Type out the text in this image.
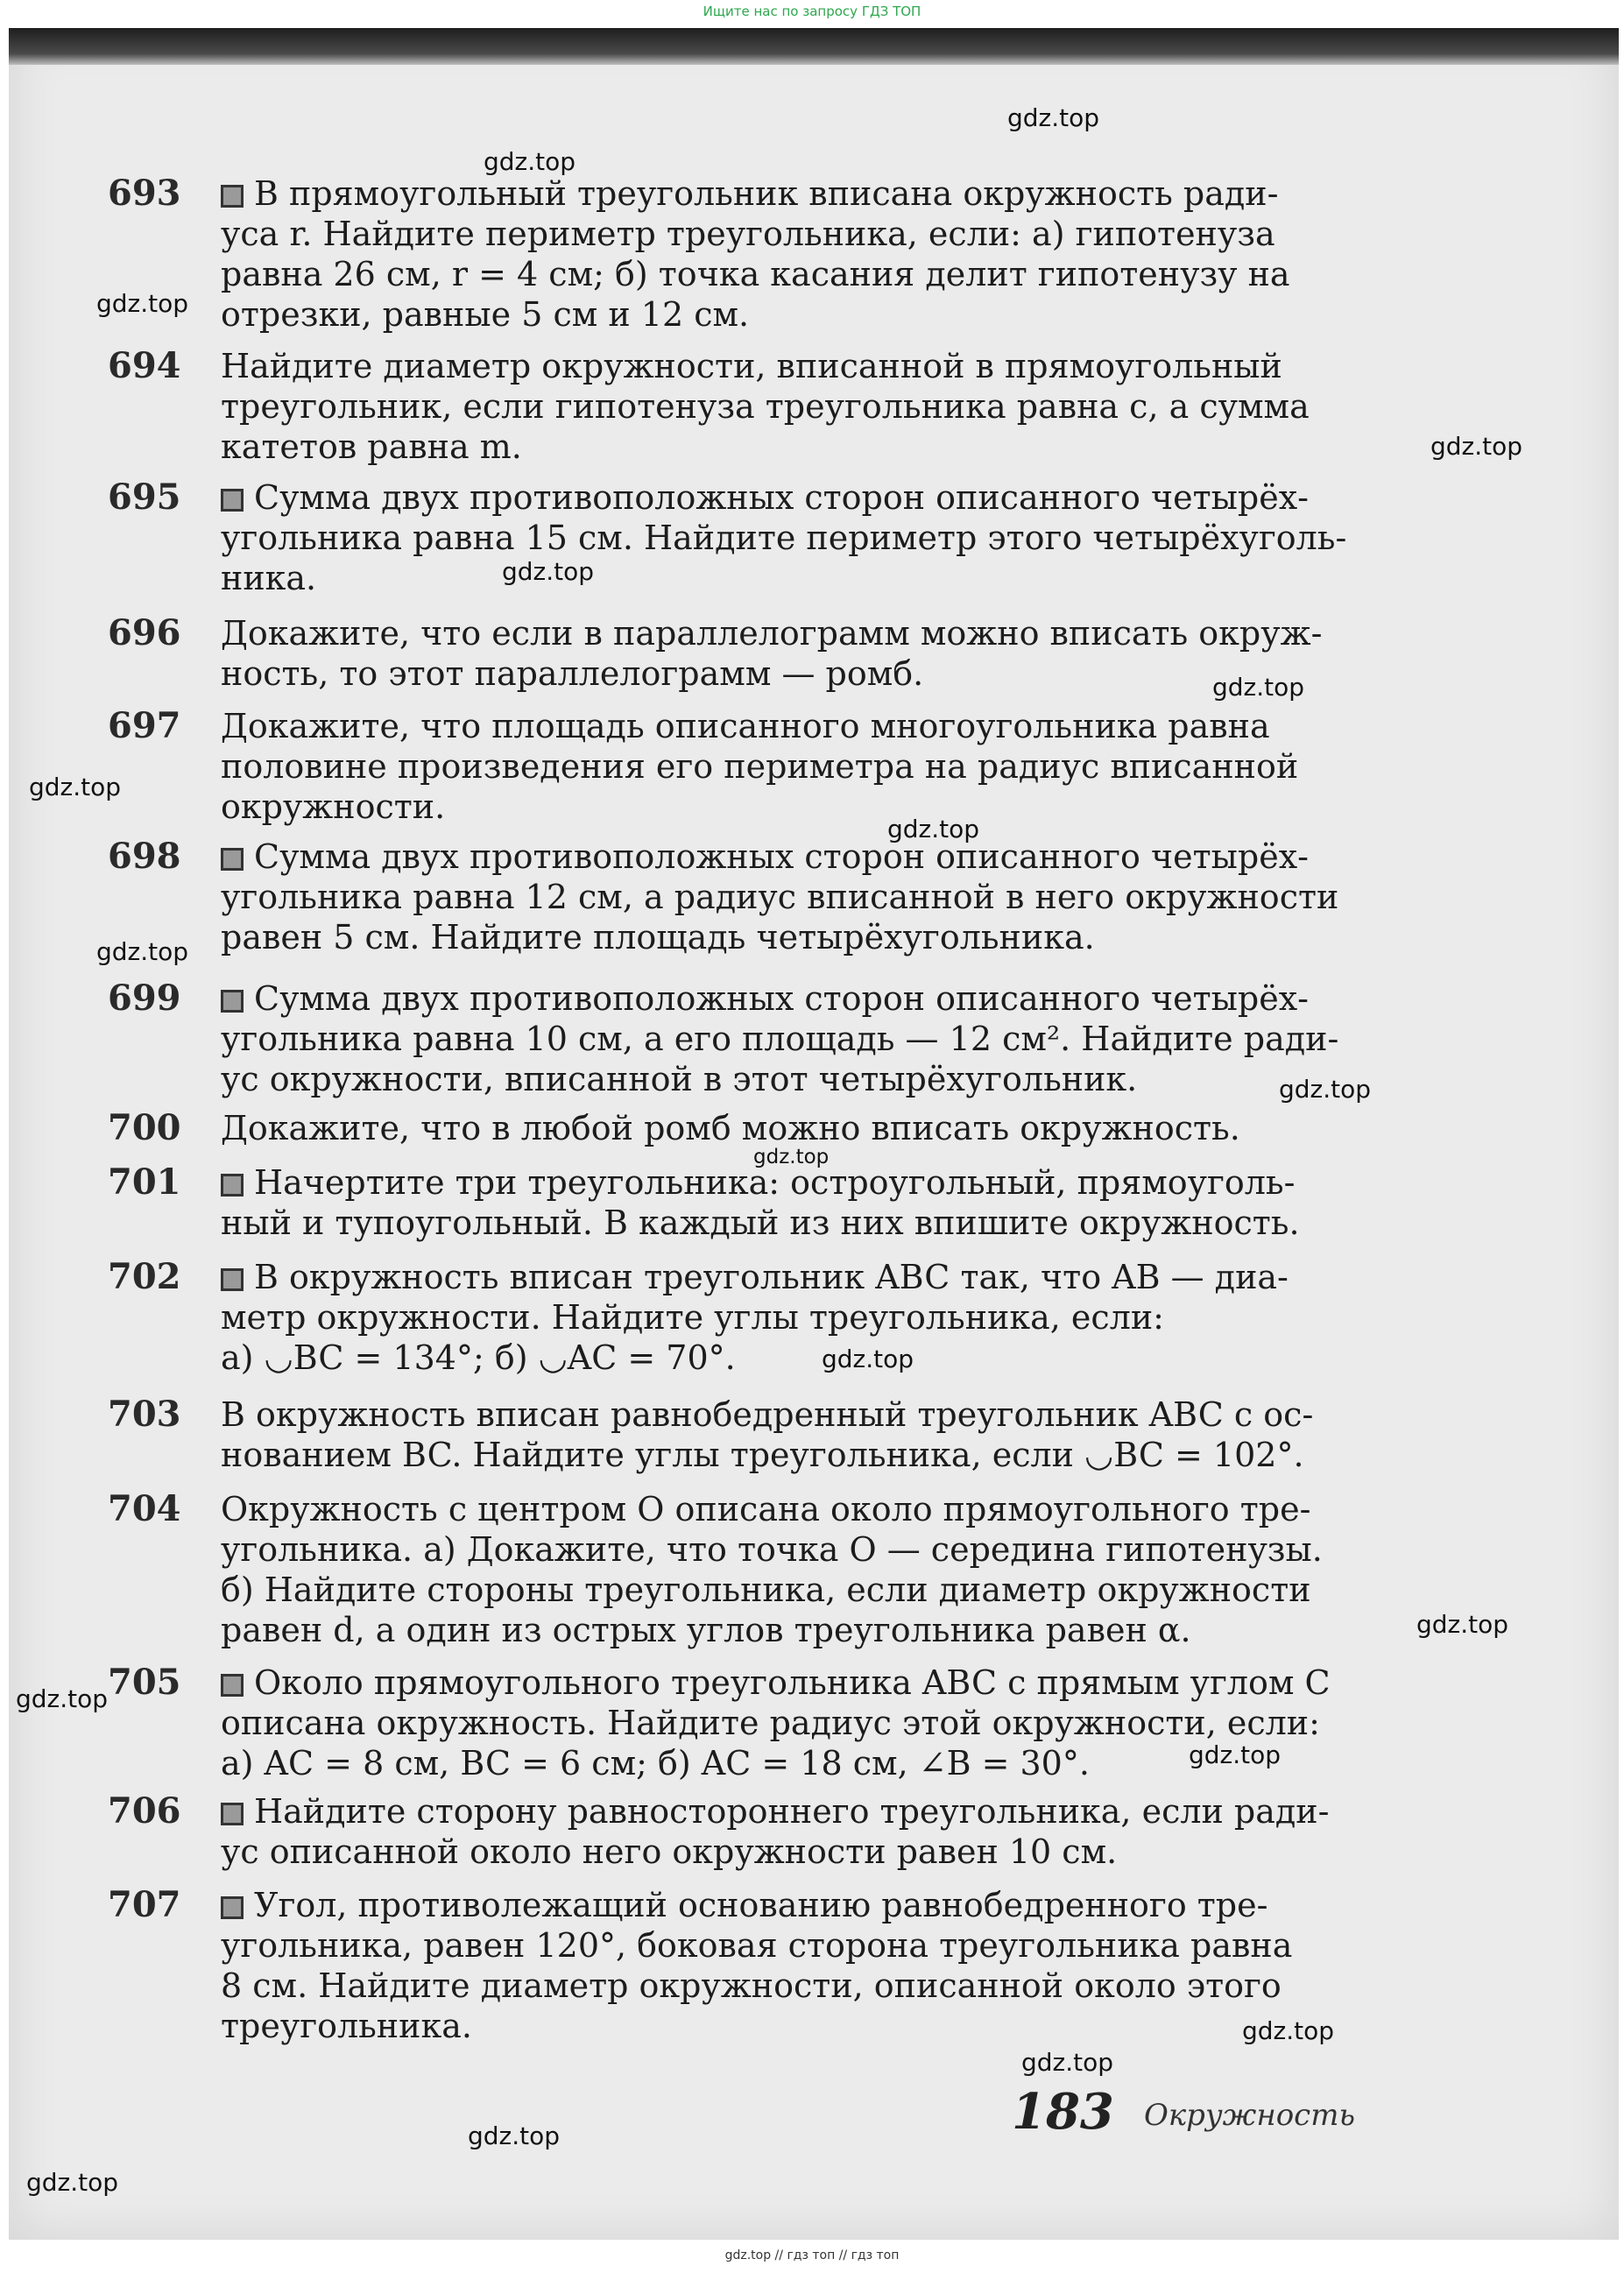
Ищите нас по запросу ГДЗ ТОП
693	В прямоугольный треугольник вписана окружность ради-
уса r. Найдите периметр треугольника, если: а) гипотенуза
равна 26 см, r = 4 см; б) точка касания делит гипотенузу на
отрезки, равные 5 см и 12 см.
694 Найдите диаметр окружности, вписанной в прямоугольный
треугольник, если гипотенуза треугольника равна c, а сумма
катетов равна m.
695	Сумма двух противоположных сторон описанного четырёх-
угольника равна 15 см. Найдите периметр этого четырёхуголь-
ника.
696 Докажите, что если в параллелограмм можно вписать окруж-
ность, то этот параллелограмм — ромб.
697 Докажите, что площадь описанного многоугольника равна
половине произведения его периметра на радиус вписанной
окружности.
698	Сумма двух противоположных сторон описанного четырёх-
угольника равна 12 см, а радиус вписанной в него окружности
равен 5 см. Найдите площадь четырёхугольника.
699	Сумма двух противоположных сторон описанного четырёх-
угольника равна 10 см, а его площадь — 12 см². Найдите ради-
ус окружности, вписанной в этот четырёхугольник.
700 Докажите, что в любой ромб можно вписать окружность.
701	Начертите три треугольника: остроугольный, прямоуголь-
ный и тупоугольный. В каждый из них впишите окружность.
702	В окружность вписан треугольник ABC так, что AB — диа-
метр окружности. Найдите углы треугольника, если:
а) ◡BC = 134°; б) ◡AC = 70°.
703 В окружность вписан равнобедренный треугольник ABC с ос-
нованием BC. Найдите углы треугольника, если ◡BC = 102°.
704 Окружность с центром O описана около прямоугольного тре-
угольника. а) Докажите, что точка O — середина гипотенузы.
б) Найдите стороны треугольника, если диаметр окружности
равен d, а один из острых углов треугольника равен α.
705	Около прямоугольного треугольника ABC с прямым углом C
описана окружность. Найдите радиус этой окружности, если:
а) AC = 8 см, BC = 6 см; б) AC = 18 см, ∠B = 30°.
706	Найдите сторону равностороннего треугольника, если ради-
ус описанной около него окружности равен 10 см.
707	Угол, противолежащий основанию равнобедренного тре-
угольника, равен 120°, боковая сторона треугольника равна
8 см. Найдите диаметр окружности, описанной около этого
треугольника.
gdz.top
gdz.top
gdz.top
gdz.top
gdz.top
gdz.top
gdz.top
gdz.top
gdz.top
gdz.top
gdz.top
gdz.top
gdz.top
gdz.top
gdz.top
gdz.top
gdz.top
gdz.top
gdz.top
183 Окружность
gdz.top // гдз топ // гдз топ
